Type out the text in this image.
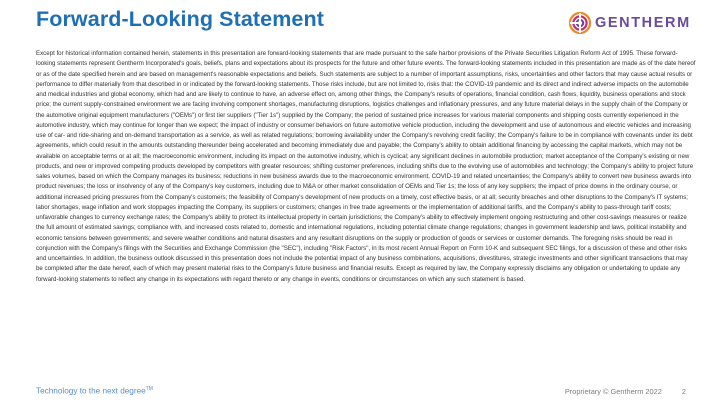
Forward-Looking Statement	GENTHERM

Except for historical information contained herein, statements in this presentation are forward-looking statements that are made pursuant to the safe harbor provisions of the Private Securities Litigation Reform Act of 1995. These forward-looking statements represent Gentherm Incorporated's goals, beliefs, plans and expectations about its prospects for the future and other future events. The forward-looking statements included in this presentation are made as of the date hereof or as of the date specified herein and are based on management's reasonable expectations and beliefs. Such statements are subject to a number of important assumptions, risks, uncertainties and other factors that may cause actual results or performance to differ materially from that described in or indicated by the forward-looking statements. Those risks include, but are not limited to, risks that: the COVID-19 pandemic and its direct and indirect adverse impacts on the automobile and medical industries and global economy, which had and are likely to continue to have, an adverse effect on, among other things, the Company's results of operations, financial condition, cash flows, liquidity, business operations and stock price; the current supply-constrained environment we are facing involving component shortages, manufacturing disruptions, logistics challenges and inflationary pressures, and any future material delays in the supply chain of the Company or the automotive original equipment manufacturers ("OEMs") or first tier suppliers ("Tier 1s") supplied by the Company; the period of sustained price increases for various material components and shipping costs currently experienced in the automotive industry, which may continue for longer than we expect; the impact of industry or consumer behaviors on future automotive vehicle production, including the development and use of autonomous and electric vehicles and increasing use of car- and ride-sharing and on-demand transportation as a service, as well as related regulations; borrowing availability under the Company's revolving credit facility; the Company's failure to be in compliance with covenants under its debt agreements, which could result in the amounts outstanding thereunder being accelerated and becoming immediately due and payable; the Company's ability to obtain additional financing by accessing the capital markets, which may not be available on acceptable terms or at all; the macroeconomic environment, including its impact on the automotive industry, which is cyclical; any significant declines in automobile production; market acceptance of the Company's existing or new products, and new or improved competing products developed by competitors with greater resources; shifting customer preferences, including shifts due to the evolving use of automobiles and technology; the Company's ability to project future sales volumes, based on which the Company manages its business; reductions in new business awards due to the macroeconomic environment, COVID-19 and related uncertainties; the Company's ability to convert new business awards into product revenues; the loss or insolvency of any of the Company's key customers, including due to M&A or other market consolidation of OEMs and Tier 1s; the loss of any key suppliers; the impact of price downs in the ordinary course, or additional increased pricing pressures from the Company's customers; the feasibility of Company's development of new products on a timely, cost effective basis, or at all; security breaches and other disruptions to the Company's IT systems; labor shortages, wage inflation and work stoppages impacting the Company, its suppliers or customers; changes in free trade agreements or the implementation of additional tariffs, and the Company's ability to pass-through tariff costs; unfavorable changes to currency exchange rates; the Company's ability to protect its intellectual property in certain jurisdictions; the Company's ability to effectively implement ongoing restructuring and other cost-savings measures or realize the full amount of estimated savings; compliance with, and increased costs related to, domestic and international regulations, including potential climate change regulations; changes in government leadership and laws, political instability and economic tensions between governments; and severe weather conditions and natural disasters and any resultant disruptions on the supply or production of goods or services or customer demands. The foregoing risks should be read in conjunction with the Company's filings with the Securities and Exchange Commission (the "SEC"), including "Risk Factors", in its most recent Annual Report on Form 10-K and subsequent SEC filings, for a discussion of these and other risks and uncertainties. In addition, the business outlook discussed in this presentation does not include the potential impact of any business combinations, acquisitions, divestitures, strategic investments and other significant transactions that may be completed after the date hereof, each of which may present material risks to the Company's future business and financial results. Except as required by law, the Company expressly disclaims any obligation or undertaking to update any forward-looking statements to reflect any change in its expectations with regard thereto or any change in events, conditions or circumstances on which any such statement is based.

Technology to the next degree™	Proprietary © Gentherm 2022	2
